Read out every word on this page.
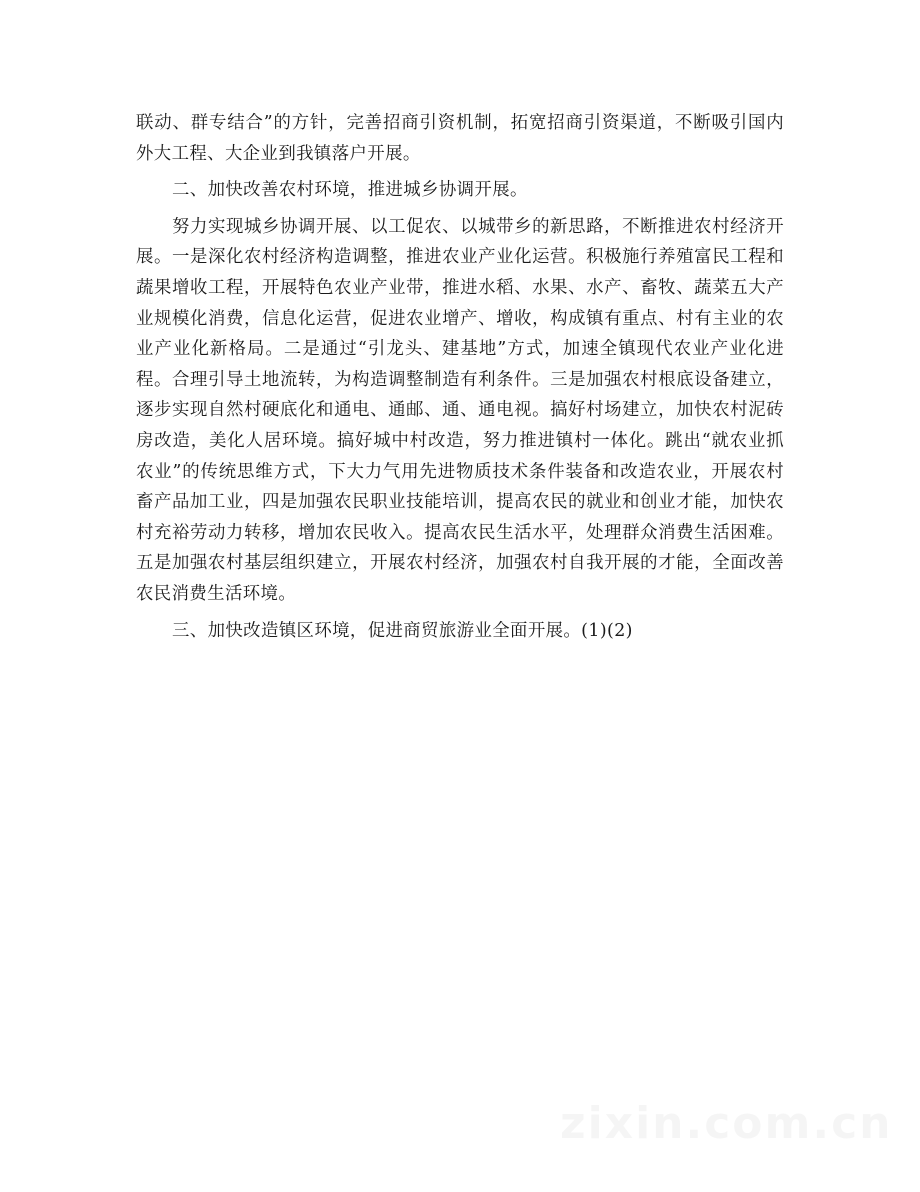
联动、群专结合”的方针，完善招商引资机制，拓宽招商引资渠道，不断吸引国内外大工程、大企业到我镇落户开展。

二、加快改善农村环境，推进城乡协调开展。

努力实现城乡协调开展、以工促农、以城带乡的新思路，不断推进农村经济开展。一是深化农村经济构造调整，推进农业产业化运营。积极施行养殖富民工程和蔬果增收工程，开展特色农业产业带，推进水稻、水果、水产、畜牧、蔬菜五大产业规模化消费，信息化运营，促进农业增产、增收，构成镇有重点、村有主业的农业产业化新格局。二是通过“引龙头、建基地”方式，加速全镇现代农业产业化进程。合理引导土地流转，为构造调整制造有利条件。三是加强农村根底设备建立，逐步实现自然村硬底化和通电、通邮、通、通电视。搞好村场建立，加快农村泥砖房改造，美化人居环境。搞好城中村改造，努力推进镇村一体化。跳出“就农业抓农业”的传统思维方式，下大力气用先进物质技术条件装备和改造农业，开展农村畜产品加工业，四是加强农民职业技能培训，提高农民的就业和创业才能，加快农村充裕劳动力转移，增加农民收入。提高农民生活水平，处理群众消费生活困难。五是加强农村基层组织建立，开展农村经济，加强农村自我开展的才能，全面改善农民消费生活环境。

三、加快改造镇区环境，促进商贸旅游业全面开展。(1)(2)
